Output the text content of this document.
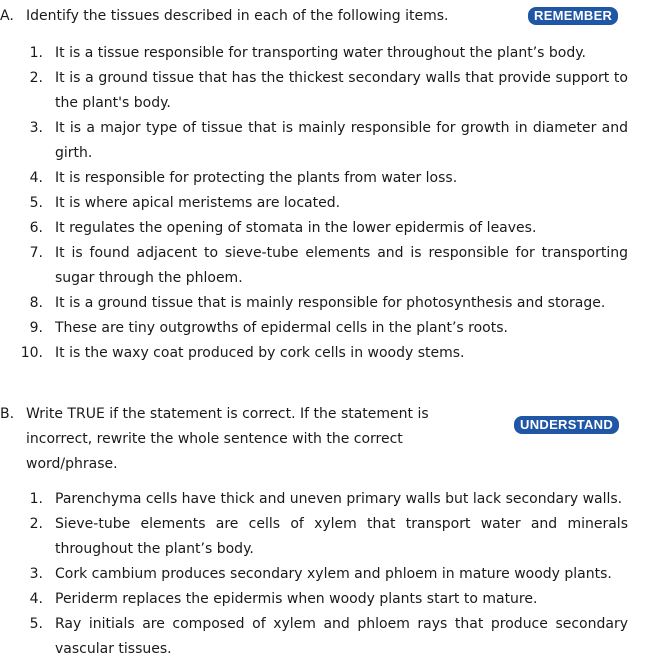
A. Identify the tissues described in each of the following items.	REMEMBER
1. It is a tissue responsible for transporting water throughout the plant’s body.
2. It is a ground tissue that has the thickest secondary walls that provide support to the plant's body.
3. It is a major type of tissue that is mainly responsible for growth in diameter and girth.
4. It is responsible for protecting the plants from water loss.
5. It is where apical meristems are located.
6. It regulates the opening of stomata in the lower epidermis of leaves.
7. It is found adjacent to sieve-tube elements and is responsible for transporting sugar through the phloem.
8. It is a ground tissue that is mainly responsible for photosynthesis and storage.
9. These are tiny outgrowths of epidermal cells in the plant’s roots.
10. It is the waxy coat produced by cork cells in woody stems.
B. Write TRUE if the statement is correct. If the statement is incorrect, rewrite the whole sentence with the correct word/phrase.
UNDERSTAND
1. Parenchyma cells have thick and uneven primary walls but lack secondary walls.
2. Sieve-tube elements are cells of xylem that transport water and minerals throughout the plant’s body.
3. Cork cambium produces secondary xylem and phloem in mature woody plants.
4. Periderm replaces the epidermis when woody plants start to mature.
5. Ray initials are composed of xylem and phloem rays that produce secondary vascular tissues.
